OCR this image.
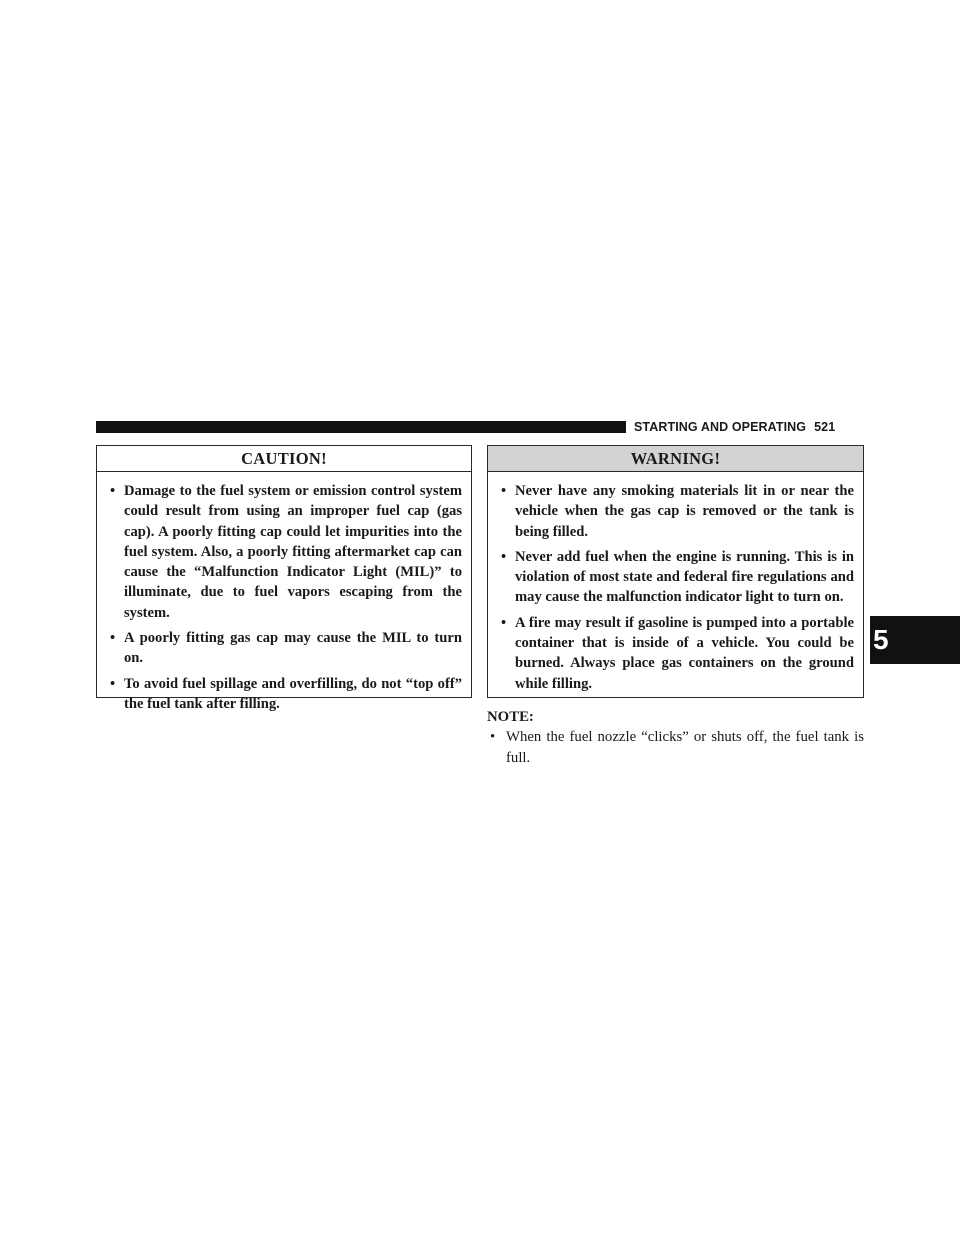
STARTING AND OPERATING 521
CAUTION!
• Damage to the fuel system or emission control system could result from using an improper fuel cap (gas cap). A poorly fitting cap could let impurities into the fuel system. Also, a poorly fitting aftermarket cap can cause the “Malfunction Indicator Light (MIL)” to illuminate, due to fuel vapors escaping from the system.
• A poorly fitting gas cap may cause the MIL to turn on.
• To avoid fuel spillage and overfilling, do not “top off” the fuel tank after filling.
WARNING!
• Never have any smoking materials lit in or near the vehicle when the gas cap is removed or the tank is being filled.
• Never add fuel when the engine is running. This is in violation of most state and federal fire regulations and may cause the malfunction indicator light to turn on.
• A fire may result if gasoline is pumped into a portable container that is inside of a vehicle. You could be burned. Always place gas containers on the ground while filling.
NOTE:
• When the fuel nozzle “clicks” or shuts off, the fuel tank is full.
5
